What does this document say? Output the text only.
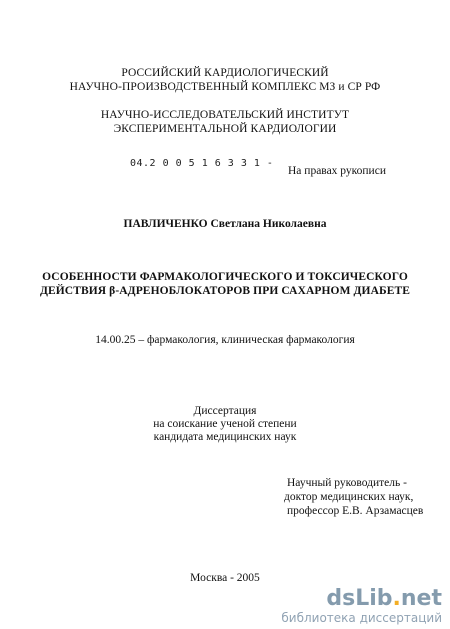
РОССИЙСКИЙ КАРДИОЛОГИЧЕСКИЙ
НАУЧНО-ПРОИЗВОДСТВЕННЫЙ КОМПЛЕКС МЗ и СР РФ
НАУЧНО-ИССЛЕДОВАТЕЛЬСКИЙ ИНСТИТУТ
ЭКСПЕРИМЕНТАЛЬНОЙ КАРДИОЛОГИИ
04.2 0 0 5 1 6 3 3 1 -
На правах рукописи
ПАВЛИЧЕНКО Светлана Николаевна
ОСОБЕННОСТИ ФАРМАКОЛОГИЧЕСКОГО И ТОКСИЧЕСКОГО
ДЕЙСТВИЯ β-АДРЕНОБЛОКАТОРОВ ПРИ САХАРНОМ ДИАБЕТЕ
14.00.25 – фармакология, клиническая фармакология
Диссертация
на соискание ученой степени
кандидата медицинских наук
Научный руководитель -
доктор медицинских наук,
профессор Е.В. Арзамасцев
Москва - 2005
dsLib.net
библиотека диссертаций
